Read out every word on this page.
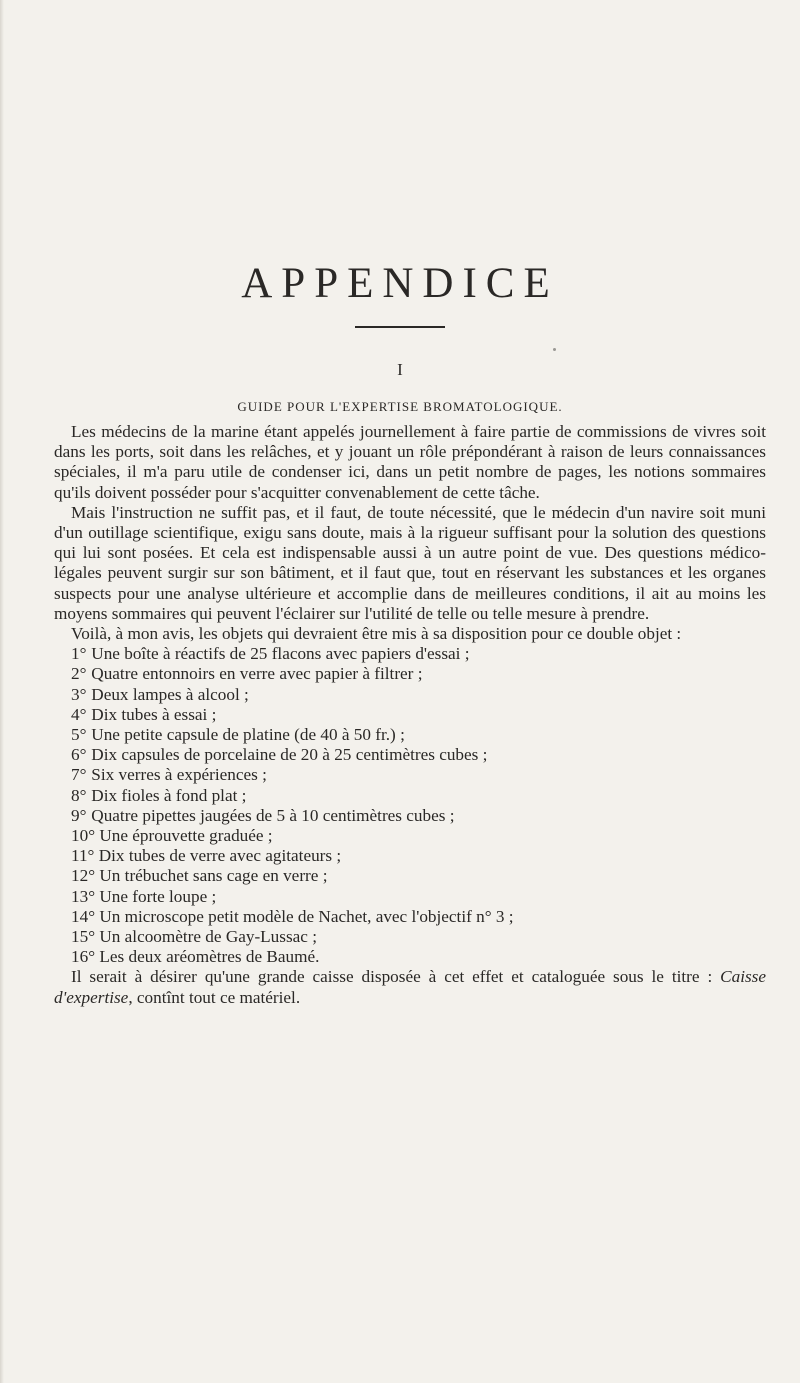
APPENDICE
I
GUIDE POUR L'EXPERTISE BROMATOLOGIQUE.

Les médecins de la marine étant appelés journellement à faire partie de commissions de vivres soit dans les ports, soit dans les relâches, et y jouant un rôle prépondérant à raison de leurs connaissances spéciales, il m'a paru utile de condenser ici, dans un petit nombre de pages, les notions sommaires qu'ils doivent posséder pour s'acquitter convenablement de cette tâche.

Mais l'instruction ne suffit pas, et il faut, de toute nécessité, que le médecin d'un navire soit muni d'un outillage scientifique, exigu sans doute, mais à la rigueur suffisant pour la solution des questions qui lui sont posées. Et cela est indispensable aussi à un autre point de vue. Des questions médico-légales peuvent surgir sur son bâtiment, et il faut que, tout en réservant les substances et les organes suspects pour une analyse ultérieure et accomplie dans de meilleures conditions, il ait au moins les moyens sommaires qui peuvent l'éclairer sur l'utilité de telle ou telle mesure à prendre.

Voilà, à mon avis, les objets qui devraient être mis à sa disposition pour ce double objet :

1° Une boîte à réactifs de 25 flacons avec papiers d'essai ;
2° Quatre entonnoirs en verre avec papier à filtrer ;
3° Deux lampes à alcool ;
4° Dix tubes à essai ;
5° Une petite capsule de platine (de 40 à 50 fr.) ;
6° Dix capsules de porcelaine de 20 à 25 centimètres cubes ;
7° Six verres à expériences ;
8° Dix fioles à fond plat ;
9° Quatre pipettes jaugées de 5 à 10 centimètres cubes ;
10° Une éprouvette graduée ;
11° Dix tubes de verre avec agitateurs ;
12° Un trébuchet sans cage en verre ;
13° Une forte loupe ;
14° Un microscope petit modèle de Nachet, avec l'objectif n° 3 ;
15° Un alcoomètre de Gay-Lussac ;
16° Les deux aréomètres de Baumé.

Il serait à désirer qu'une grande caisse disposée à cet effet et cataloguée sous le titre : Caisse d'expertise, contînt tout ce matériel.
